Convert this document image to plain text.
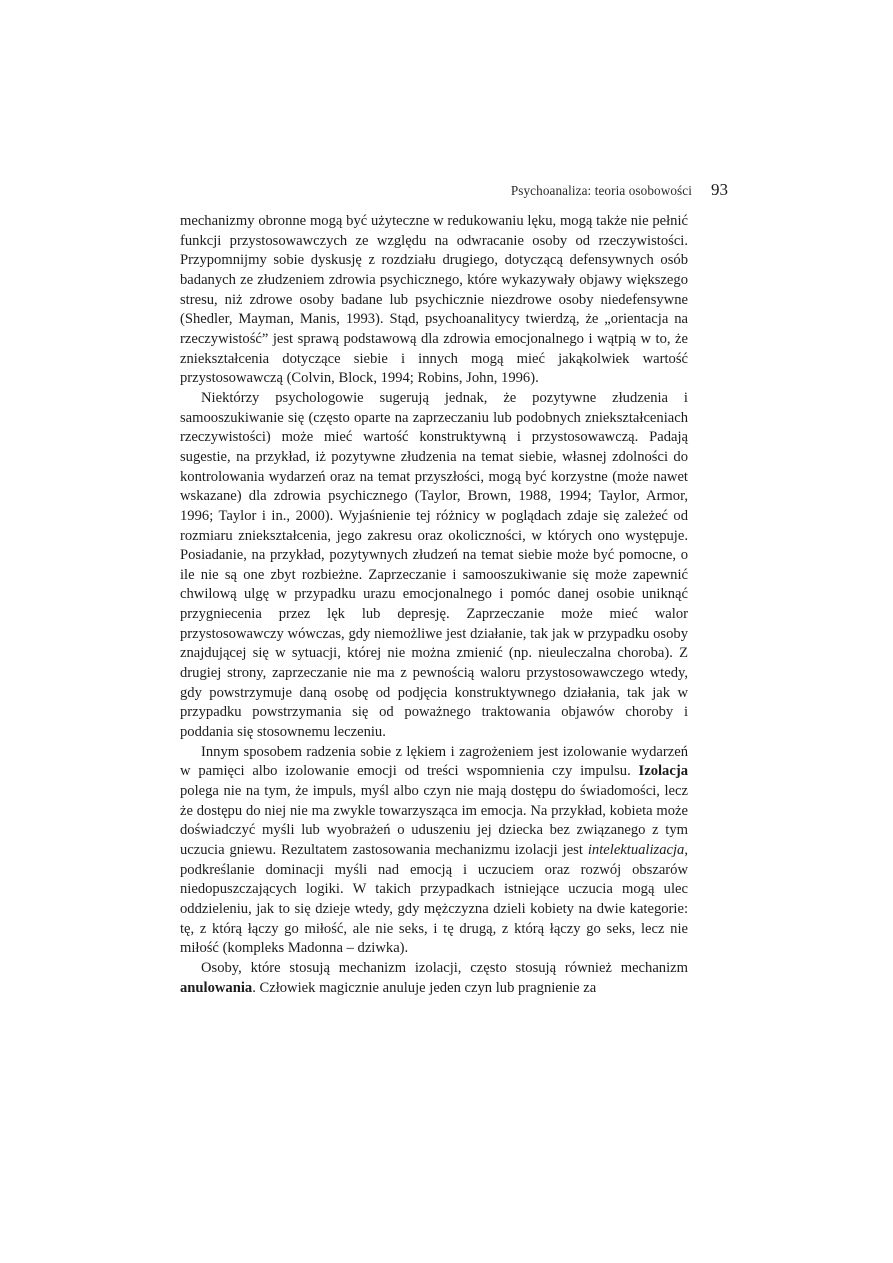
Psychoanaliza: teoria osobowości 93

mechanizmy obronne mogą być użyteczne w redukowaniu lęku, mogą także nie pełnić funkcji przystosowawczych ze względu na odwracanie osoby od rzeczywistości. Przypomnijmy sobie dyskusję z rozdziału drugiego, dotyczącą defensywnych osób badanych ze złudzeniem zdrowia psychicznego, które wykazywały objawy większego stresu, niż zdrowe osoby badane lub psychicznie niezdrowe osoby niedefensywne (Shedler, Mayman, Manis, 1993). Stąd, psychoanalitycy twierdzą, że „orientacja na rzeczywistość” jest sprawą podstawową dla zdrowia emocjonalnego i wątpią w to, że zniekształcenia dotyczące siebie i innych mogą mieć jakąkolwiek wartość przystosowawczą (Colvin, Block, 1994; Robins, John, 1996).

Niektórzy psychologowie sugerują jednak, że pozytywne złudzenia i samooszukiwanie się (często oparte na zaprzeczaniu lub podobnych zniekształceniach rzeczywistości) może mieć wartość konstruktywną i przystosowawczą. Padają sugestie, na przykład, iż pozytywne złudzenia na temat siebie, własnej zdolności do kontrolowania wydarzeń oraz na temat przyszłości, mogą być korzystne (może nawet wskazane) dla zdrowia psychicznego (Taylor, Brown, 1988, 1994; Taylor, Armor, 1996; Taylor i in., 2000). Wyjaśnienie tej różnicy w poglądach zdaje się zależeć od rozmiaru zniekształcenia, jego zakresu oraz okoliczności, w których ono występuje. Posiadanie, na przykład, pozytywnych złudzeń na temat siebie może być pomocne, o ile nie są one zbyt rozbieżne. Zaprzeczanie i samooszukiwanie się może zapewnić chwilową ulgę w przypadku urazu emocjonalnego i pomóc danej osobie uniknąć przygniecenia przez lęk lub depresję. Zaprzeczanie może mieć walor przystosowawczy wówczas, gdy niemożliwe jest działanie, tak jak w przypadku osoby znajdującej się w sytuacji, której nie można zmienić (np. nieuleczalna choroba). Z drugiej strony, zaprzeczanie nie ma z pewnością waloru przystosowawczego wtedy, gdy powstrzymuje daną osobę od podjęcia konstruktywnego działania, tak jak w przypadku powstrzymania się od poważnego traktowania objawów choroby i poddania się stosownemu leczeniu.

Innym sposobem radzenia sobie z lękiem i zagrożeniem jest izolowanie wydarzeń w pamięci albo izolowanie emocji od treści wspomnienia czy impulsu. Izolacja polega nie na tym, że impuls, myśl albo czyn nie mają dostępu do świadomości, lecz że dostępu do niej nie ma zwykle towarzysząca im emocja. Na przykład, kobieta może doświadczyć myśli lub wyobrażeń o uduszeniu jej dziecka bez związanego z tym uczucia gniewu. Rezultatem zastosowania mechanizmu izolacji jest intelektualizacja, podkreślanie dominacji myśli nad emocją i uczuciem oraz rozwój obszarów niedopuszczających logiki. W takich przypadkach istniejące uczucia mogą ulec oddzieleniu, jak to się dzieje wtedy, gdy mężczyzna dzieli kobiety na dwie kategorie: tę, z którą łączy go miłość, ale nie seks, i tę drugą, z którą łączy go seks, lecz nie miłość (kompleks Madonna – dziwka).

Osoby, które stosują mechanizm izolacji, często stosują również mechanizm anulowania. Człowiek magicznie anuluje jeden czyn lub pragnienie za
